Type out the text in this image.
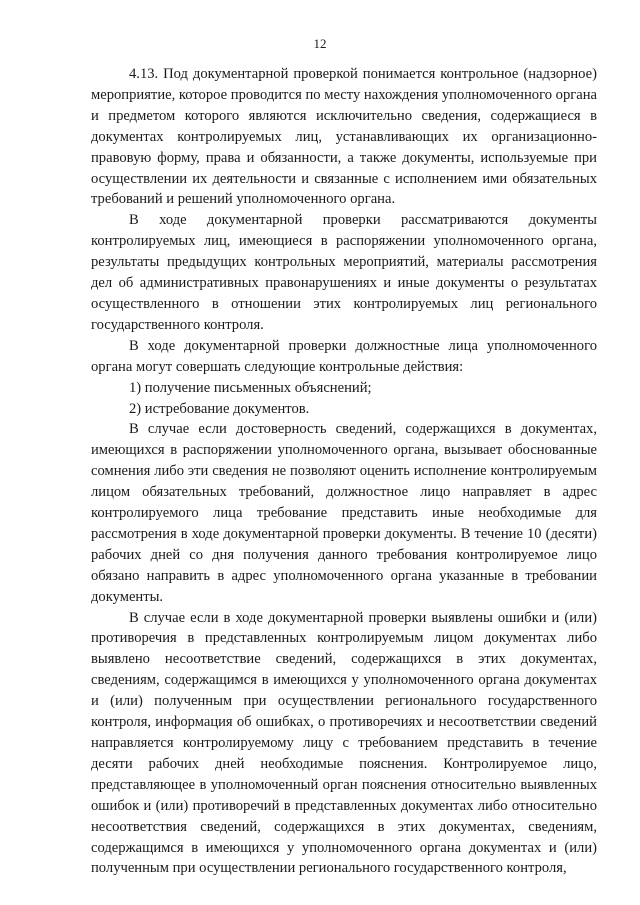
12

4.13. Под документарной проверкой понимается контрольное (надзорное) мероприятие, которое проводится по месту нахождения уполномоченного органа и предметом которого являются исключительно сведения, содержащиеся в документах контролируемых лиц, устанавливающих их организационно-правовую форму, права и обязанности, а также документы, используемые при осуществлении их деятельности и связанные с исполнением ими обязательных требований и решений уполномоченного органа.

В ходе документарной проверки рассматриваются документы контролируемых лиц, имеющиеся в распоряжении уполномоченного органа, результаты предыдущих контрольных мероприятий, материалы рассмотрения дел об административных правонарушениях и иные документы о результатах осуществленного в отношении этих контролируемых лиц регионального государственного контроля.

В ходе документарной проверки должностные лица уполномоченного органа могут совершать следующие контрольные действия:

1) получение письменных объяснений;

2) истребование документов.

В случае если достоверность сведений, содержащихся в документах, имеющихся в распоряжении уполномоченного органа, вызывает обоснованные сомнения либо эти сведения не позволяют оценить исполнение контролируемым лицом обязательных требований, должностное лицо направляет в адрес контролируемого лица требование представить иные необходимые для рассмотрения в ходе документарной проверки документы. В течение 10 (десяти) рабочих дней со дня получения данного требования контролируемое лицо обязано направить в адрес уполномоченного органа указанные в требовании документы.

В случае если в ходе документарной проверки выявлены ошибки и (или) противоречия в представленных контролируемым лицом документах либо выявлено несоответствие сведений, содержащихся в этих документах, сведениям, содержащимся в имеющихся у уполномоченного органа документах и (или) полученным при осуществлении регионального государственного контроля, информация об ошибках, о противоречиях и несоответствии сведений направляется контролируемому лицу с требованием представить в течение десяти рабочих дней необходимые пояснения. Контролируемое лицо, представляющее в уполномоченный орган пояснения относительно выявленных ошибок и (или) противоречий в представленных документах либо относительно несоответствия сведений, содержащихся в этих документах, сведениям, содержащимся в имеющихся у уполномоченного органа документах и (или) полученным при осуществлении регионального государственного контроля,
